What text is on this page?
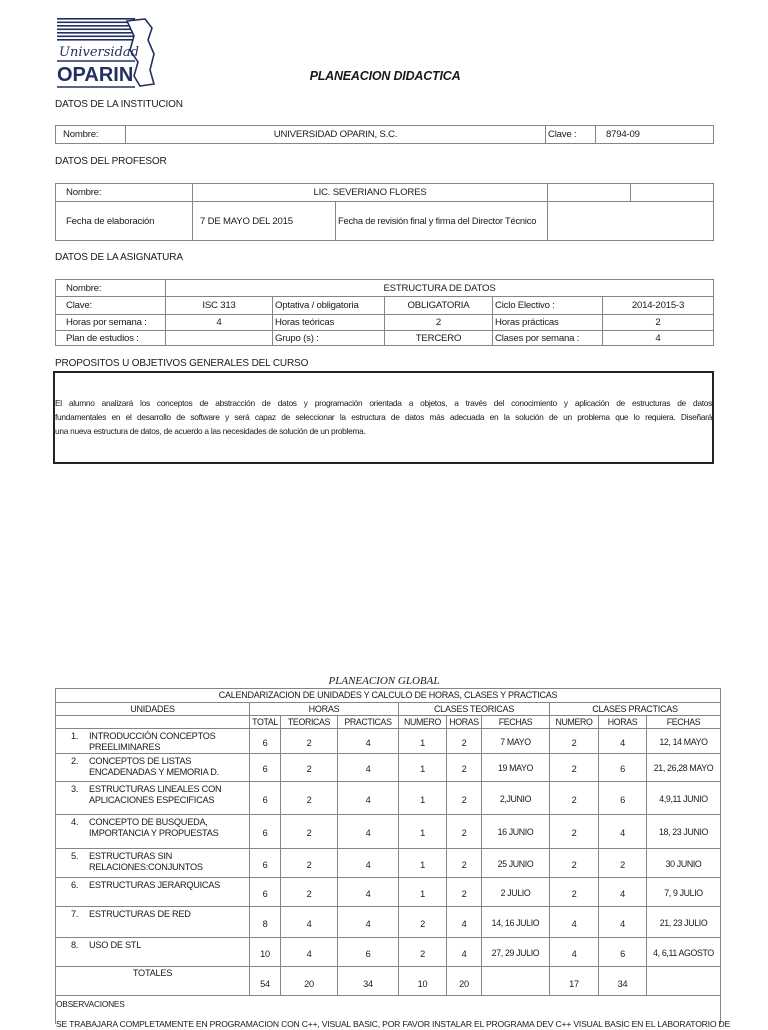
Universidad
OPARIN	PLANEACION DIDACTICA
DATOS DE LA INSTITUCION
Nombre:	UNIVERSIDAD OPARIN, S.C.	Clave :	8794-09
DATOS DEL PROFESOR
Nombre:	LIC. SEVERIANO FLORES			
Fecha de elaboración	7 DE MAYO DEL 2015	Fecha de revisión final y firma del Director Técnico		
DATOS DE LA ASIGNATURA
Nombre:	ESTRUCTURA DE DATOS				
Clave:	ISC 313	Optativa / obligatoria	OBLIGATORIA	Ciclo Electivo :	2014-2015-3
Horas por semana :	4	Horas teóricas	2	Horas prácticas	2
Plan de estudios :		Grupo (s) :	TERCERO	Clases por semana :	4
PROPOSITOS U OBJETIVOS GENERALES DEL CURSO
El alumno analizará los conceptos de abstracción de datos y programación orientada a objetos, a través del conocimiento y aplicación de estructuras de datos
fundamentales en el desarrollo de software y será capaz de seleccionar la estructura de datos más adecuada en la solución de un problema que lo requiera. Diseñará
una nueva estructura de datos, de acuerdo a las necesidades de solución de un problema.
PLANEACION GLOBAL
CALENDARIZACION DE UNIDADES Y CALCULO DE HORAS, CLASES Y PRACTICAS									
UNIDADES	HORAS			CLASES TEORICAS			CLASES PRACTICAS		
	TOTAL	TEORICAS	PRACTICAS	NUMERO	HORAS	FECHAS	NUMERO	HORAS	FECHAS

1. INTRODUCCIÓN CONCEPTOS PREELIMINARES	6	2	4	1	2	7 MAYO	2	4	12, 14 MAYO

2. CONCEPTOS DE LISTAS ENCADENADAS Y MEMORIA D.	6	2	4	1	2	19 MAYO	2	6	21, 26,28 MAYO

3. ESTRUCTURAS LINEALES CON APLICACIONES ESPECIFICAS	6	2	4	1	2	2,JUNIO	2	6	4,9,11 JUNIO

4. CONCEPTO DE BUSQUEDA, IMPORTANCIA Y PROPUESTAS	6	2	4	1	2	16 JUNIO	2	4	18, 23 JUNIO

5. ESTRUCTURAS SIN RELACIONES:CONJUNTOS	6	2	4	1	2	25 JUNIO	2	2	30 JUNIO

6. ESTRUCTURAS JERARQUICAS	6	2	4	1	2	2 JULIO	2	4	7, 9 JULIO

7. ESTRUCTURAS DE RED	8	4	4	2	4	14, 16 JULIO	4	4	21, 23 JULIO

8. USO DE STL	10	4	6	2	4	27, 29 JULIO	4	6	4, 6,11 AGOSTO
TOTALES	54	20	34	10	20		17	34	

OBSERVACIONES
SE TRABAJARA COMPLETAMENTE EN PROGRAMACION CON C++, VISUAL BASIC, POR FAVOR INSTALAR EL PROGRAMA DEV C++ VISUAL BASIC EN EL LABORATORIO DE									
